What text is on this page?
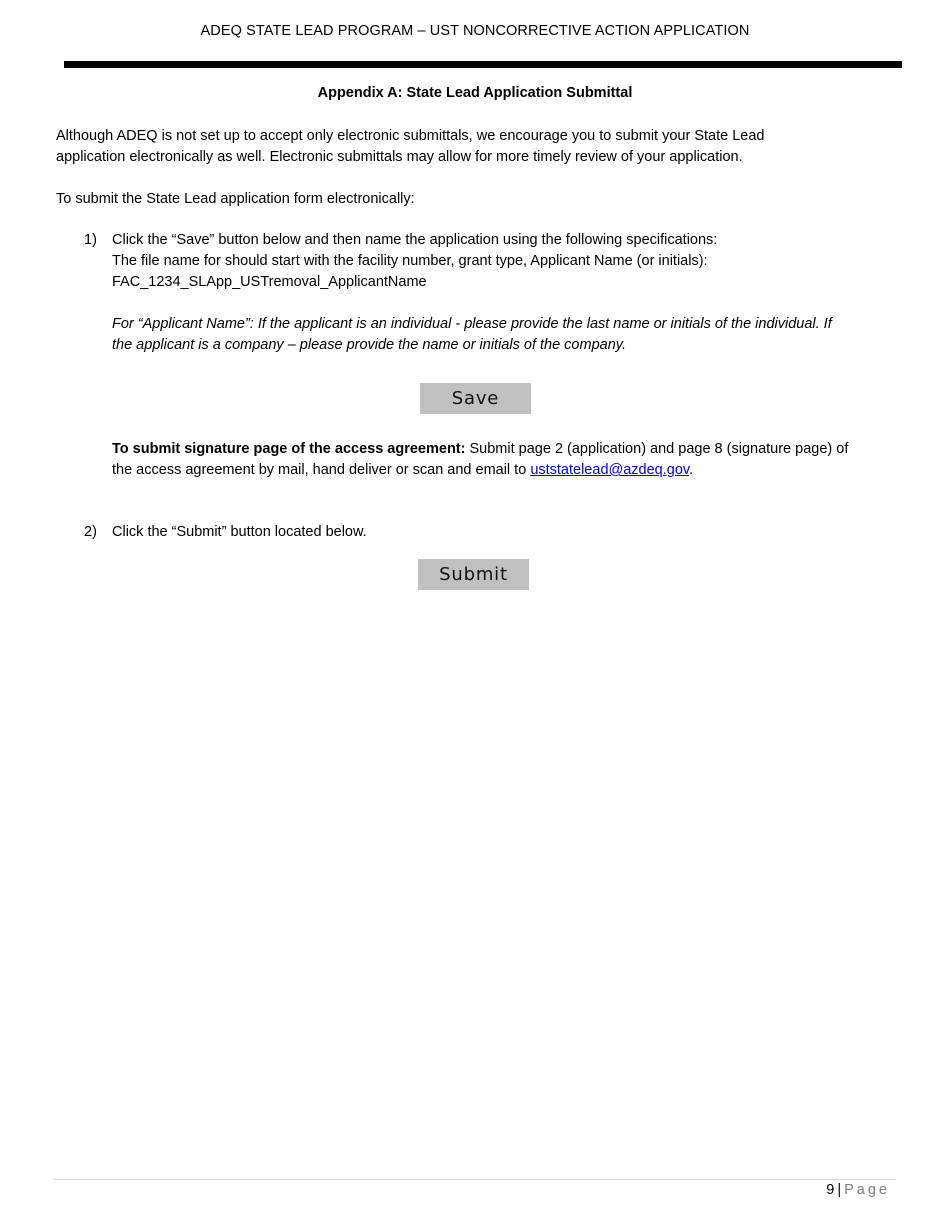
ADEQ STATE LEAD PROGRAM – UST NONCORRECTIVE ACTION APPLICATION
Appendix A: State Lead Application Submittal
Although ADEQ is not set up to accept only electronic submittals, we encourage you to submit your State Lead
application electronically as well. Electronic submittals may allow for more timely review of your application.
To submit the State Lead application form electronically:
1) Click the “Save” button below and then name the application using the following specifications:
The file name for should start with the facility number, grant type, Applicant Name (or initials):
FAC_1234_SLApp_USTremoval_ApplicantName
For “Applicant Name”: If the applicant is an individual - please provide the last name or initials of the individual. If
the applicant is a company – please provide the name or initials of the company.
Save
To submit signature page of the access agreement: Submit page 2 (application) and page 8 (signature page) of
the access agreement by mail, hand deliver or scan and email to uststatelead@azdeq.gov.
2) Click the “Submit” button located below.
Submit
9 | Page
